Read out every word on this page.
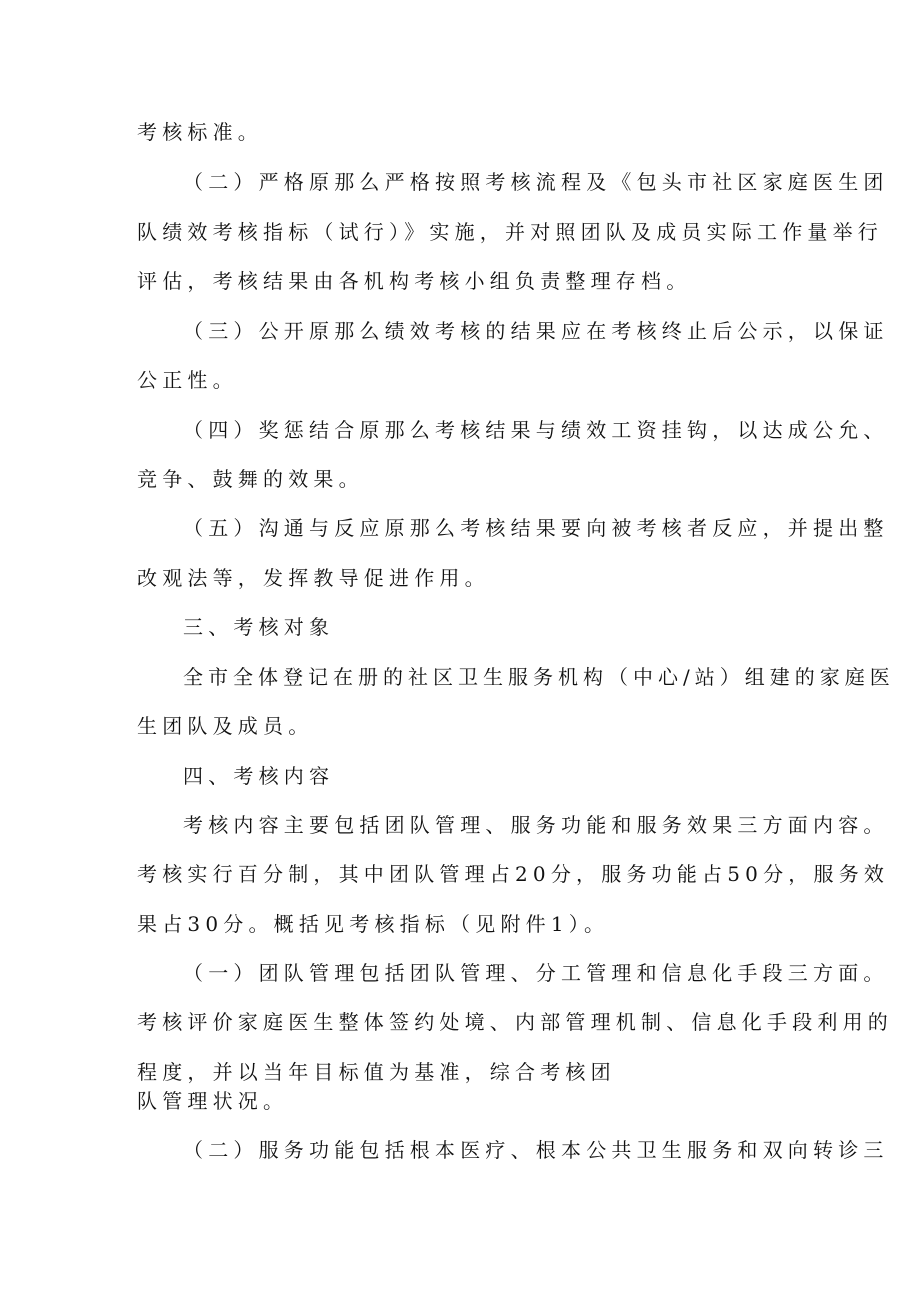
考核标准。
（二）严格原那么严格按照考核流程及《包头市社区家庭医生团
队绩效考核指标（试行）》实施，并对照团队及成员实际工作量举行
评估，考核结果由各机构考核小组负责整理存档。
（三）公开原那么绩效考核的结果应在考核终止后公示，以保证
公正性。
（四）奖惩结合原那么考核结果与绩效工资挂钩，以达成公允、
竞争、鼓舞的效果。
（五）沟通与反应原那么考核结果要向被考核者反应，并提出整
改观法等，发挥教导促进作用。
三、考核对象
全市全体登记在册的社区卫生服务机构（中心/站）组建的家庭医
生团队及成员。
四、考核内容
考核内容主要包括团队管理、服务功能和服务效果三方面内容。
考核实行百分制，其中团队管理占20分，服务功能占50分，服务效
果占30分。概括见考核指标（见附件1）。
（一）团队管理包括团队管理、分工管理和信息化手段三方面。
考核评价家庭医生整体签约处境、内部管理机制、信息化手段利用的
程度，并以当年目标值为基准，综合考核团
队管理状况。
（二）服务功能包括根本医疗、根本公共卫生服务和双向转诊三
